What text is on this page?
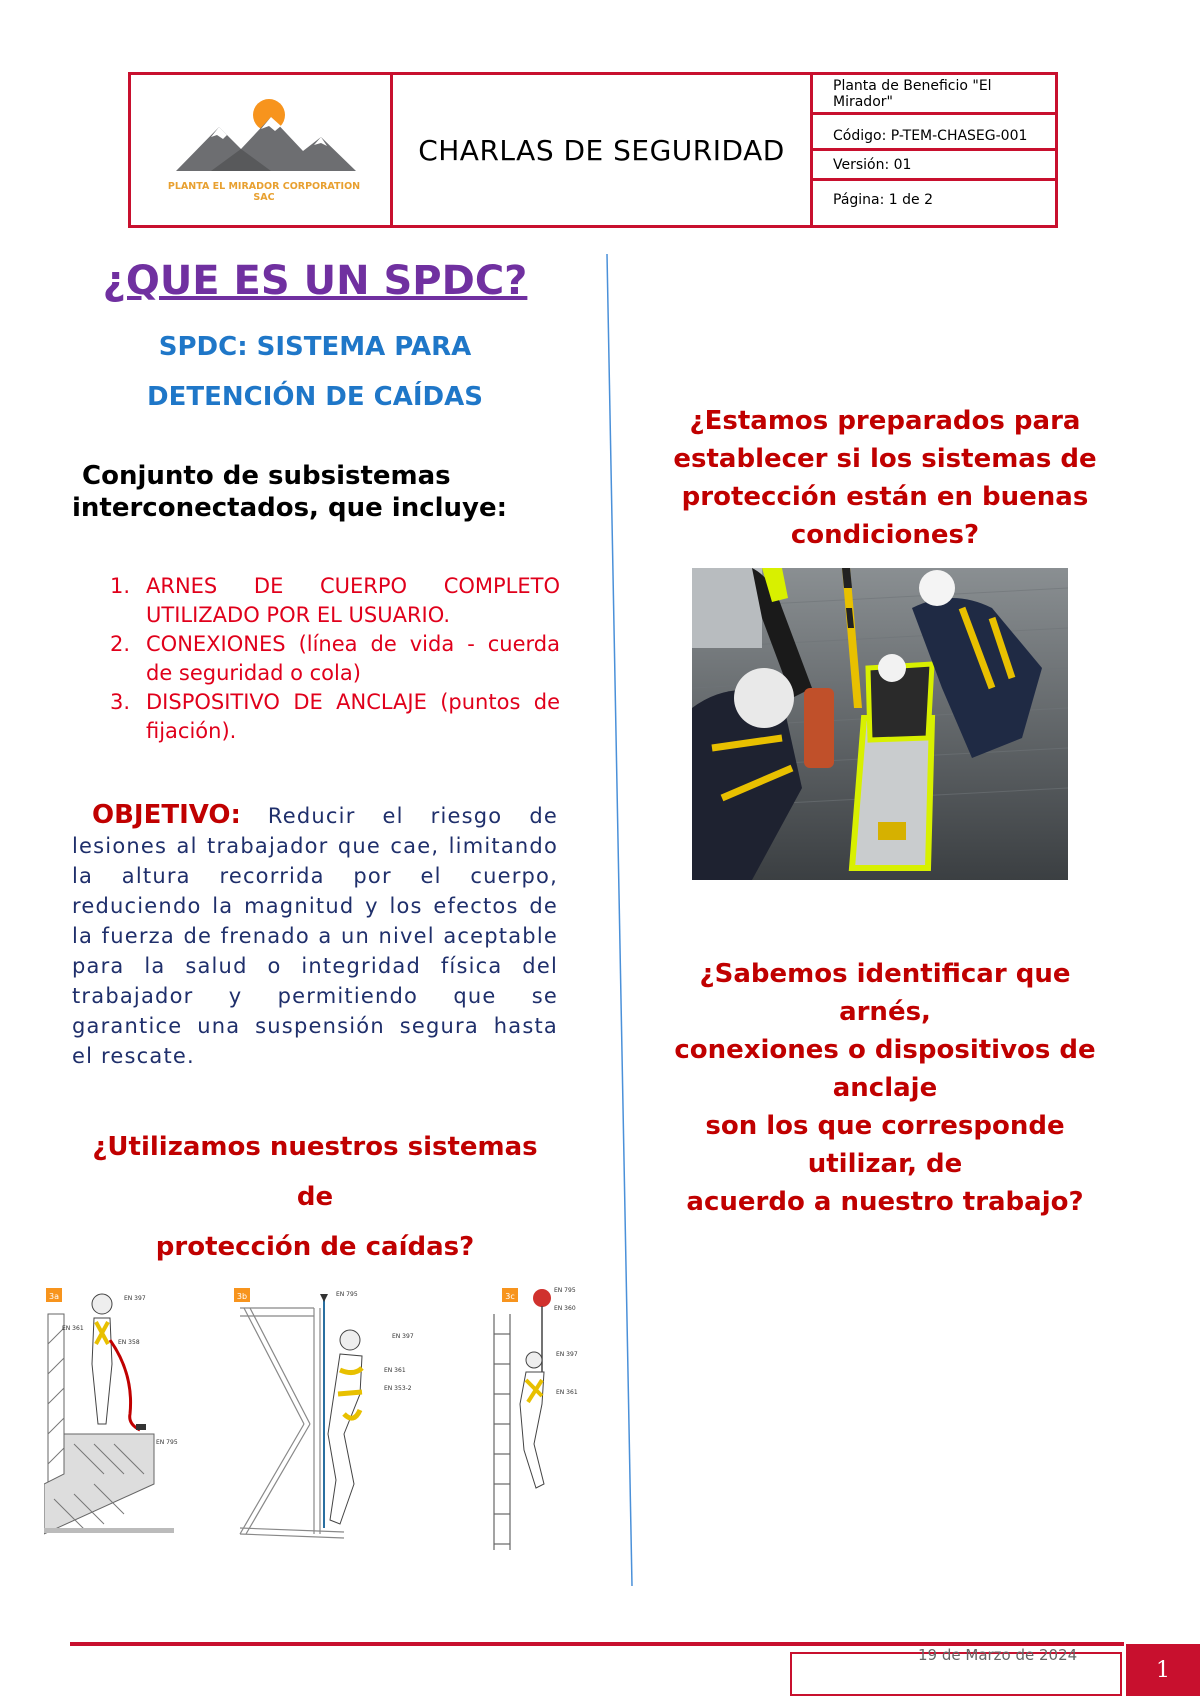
PLANTA EL MIRADOR CORPORATION SAC
CHARLAS DE SEGURIDAD
Planta de Beneficio "El Mirador"
Código: P-TEM-CHASEG-001
Versión: 01
Página: 1 de 2
¿QUE ES UN SPDC?
SPDC: SISTEMA PARA
DETENCIÓN DE CAÍDAS
Conjunto de subsistemas
interconectados, que incluye:
1. ARNES DE CUERPO COMPLETO UTILIZADO POR EL USUARIO.
2. CONEXIONES (línea de vida - cuerda de seguridad o cola)
3. DISPOSITIVO DE ANCLAJE (puntos de fijación).
OBJETIVO: Reducir el riesgo de lesiones al trabajador que cae, limitando la altura recorrida por el cuerpo, reduciendo la magnitud y los efectos de la fuerza de frenado a un nivel aceptable para la salud o integridad física del trabajador y permitiendo que se garantice una suspensión segura hasta el rescate.
¿Utilizamos nuestros sistemas
de
protección de caídas?
3a	EN 397
EN 358
EN 361
EN 795
3b	EN 795
EN 397
EN 361
EN 353-2
3c
EN 795
EN 360
EN 397
EN 361
¿Estamos preparados para establecer si los sistemas de protección están en buenas condiciones?
¿Sabemos identificar que
arnés,
conexiones o dispositivos de
anclaje
son los que corresponde
utilizar, de
acuerdo a nuestro trabajo?
19 de Marzo de 2024
1
